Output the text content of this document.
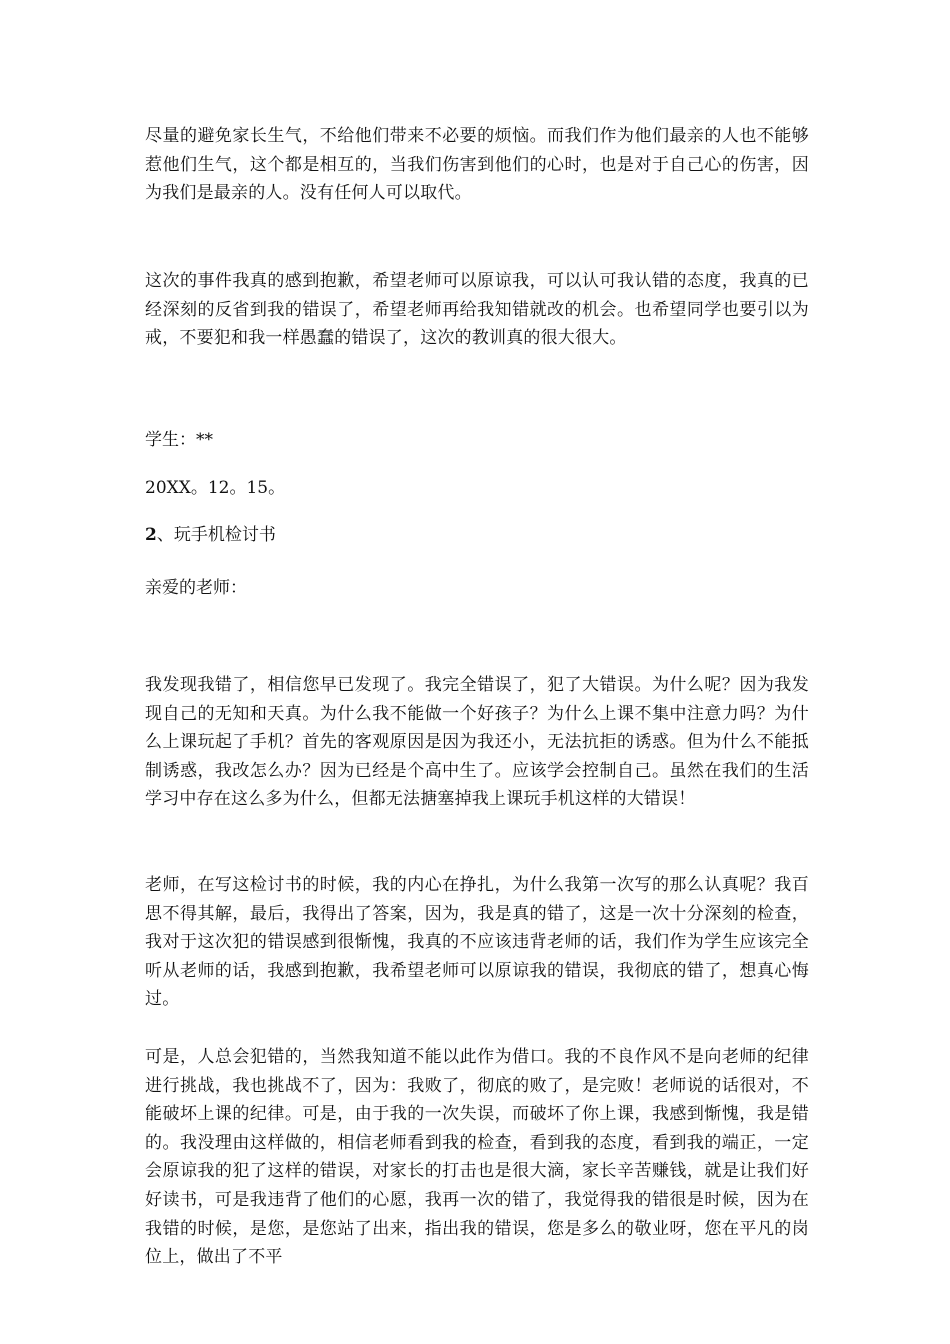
尽量的避免家长生气，不给他们带来不必要的烦恼。而我们作为他们最亲的人也不能够惹他们生气，这个都是相互的，当我们伤害到他们的心时，也是对于自己心的伤害，因为我们是最亲的人。没有任何人可以取代。

这次的事件我真的感到抱歉，希望老师可以原谅我，可以认可我认错的态度，我真的已经深刻的反省到我的错误了，希望老师再给我知错就改的机会。也希望同学也要引以为戒，不要犯和我一样愚蠢的错误了，这次的教训真的很大很大。

学生：**

20XX。12。15。

2、玩手机检讨书

亲爱的老师：

我发现我错了，相信您早已发现了。我完全错误了，犯了大错误。为什么呢？因为我发现自己的无知和天真。为什么我不能做一个好孩子？为什么上课不集中注意力吗？为什么上课玩起了手机？首先的客观原因是因为我还小，无法抗拒的诱惑。但为什么不能抵制诱惑，我改怎么办？因为已经是个高中生了。应该学会控制自己。虽然在我们的生活学习中存在这么多为什么，但都无法搪塞掉我上课玩手机这样的大错误！

老师，在写这检讨书的时候，我的内心在挣扎，为什么我第一次写的那么认真呢？我百思不得其解，最后，我得出了答案，因为，我是真的错了，这是一次十分深刻的检查，我对于这次犯的错误感到很惭愧，我真的不应该违背老师的话，我们作为学生应该完全听从老师的话，我感到抱歉，我希望老师可以原谅我的错误，我彻底的错了，想真心悔过。

可是，人总会犯错的，当然我知道不能以此作为借口。我的不良作风不是向老师的纪律进行挑战，我也挑战不了，因为：我败了，彻底的败了，是完败！老师说的话很对，不能破坏上课的纪律。可是，由于我的一次失误，而破坏了你上课，我感到惭愧，我是错的。我没理由这样做的，相信老师看到我的检查，看到我的态度，看到我的端正，一定会原谅我的犯了这样的错误，对家长的打击也是很大滴，家长辛苦赚钱，就是让我们好好读书，可是我违背了他们的心愿，我再一次的错了，我觉得我的错很是时候，因为在我错的时候，是您，是您站了出来，指出我的错误，您是多么的敬业呀，您在平凡的岗位上，做出了不平
